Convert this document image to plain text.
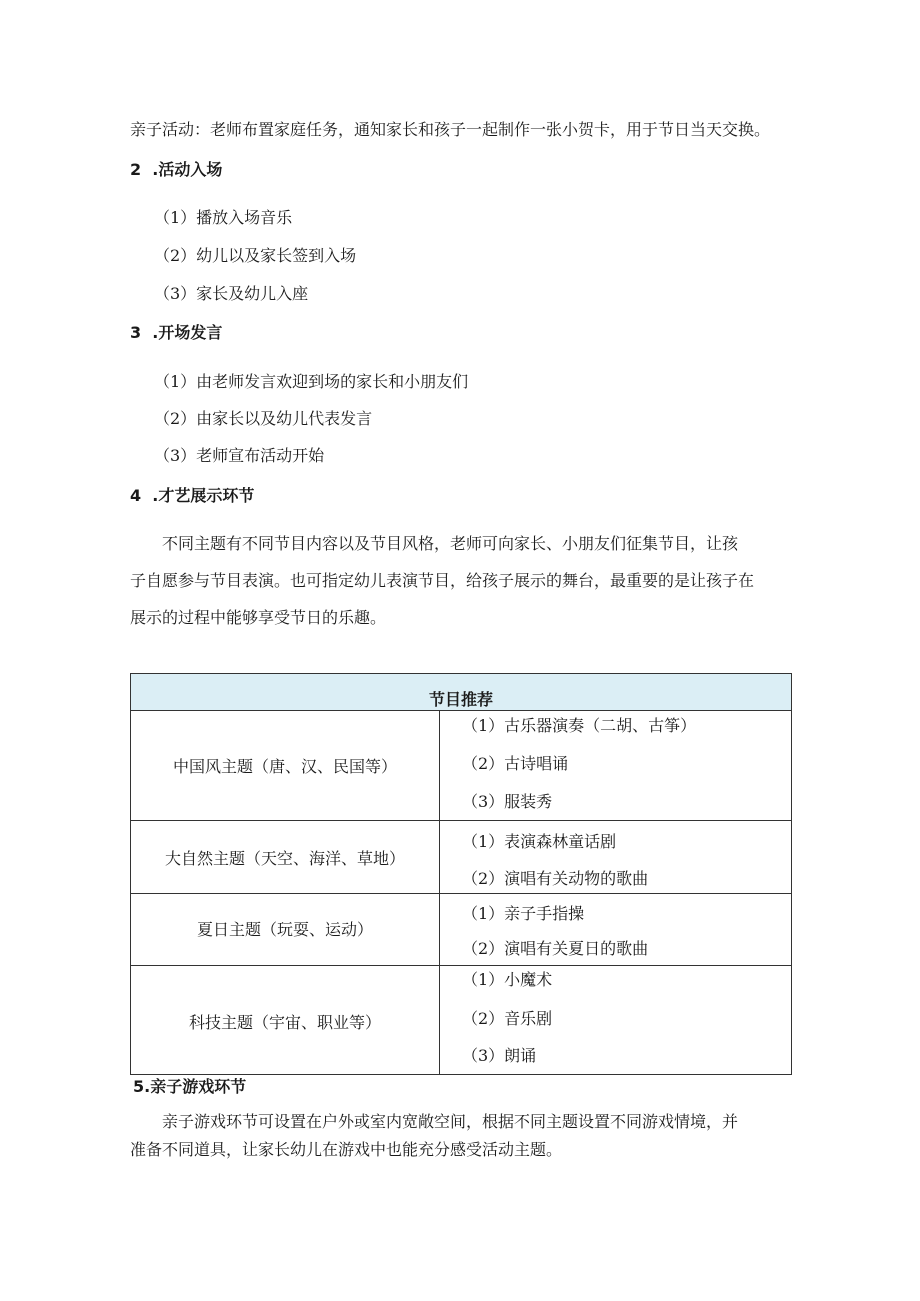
亲子活动：老师布置家庭任务，通知家长和孩子一起制作一张小贺卡，用于节日当天交换。
2  .活动入场
（1）播放入场音乐
（2）幼儿以及家长签到入场
（3）家长及幼儿入座
3  .开场发言
（1）由老师发言欢迎到场的家长和小朋友们
（2）由家长以及幼儿代表发言
（3）老师宣布活动开始
4  .才艺展示环节

不同主题有不同节目内容以及节目风格，老师可向家长、小朋友们征集节目，让孩

子自愿参与节目表演。也可指定幼儿表演节目，给孩子展示的舞台，最重要的是让孩子在

展示的过程中能够享受节日的乐趣。

节目推荐
中国风主题（唐、汉、民国等）
（1）古乐器演奏（二胡、古筝）
（2）古诗唱诵
（3）服装秀
大自然主题（天空、海洋、草地）
（1）表演森林童话剧
（2）演唱有关动物的歌曲
夏日主题（玩耍、运动）
（1）亲子手指操
（2）演唱有关夏日的歌曲
科技主题（宇宙、职业等）
（1）小魔术
（2）音乐剧
（3）朗诵
5.亲子游戏环节

亲子游戏环节可设置在户外或室内宽敞空间，根据不同主题设置不同游戏情境，并

准备不同道具，让家长幼儿在游戏中也能充分感受活动主题。
